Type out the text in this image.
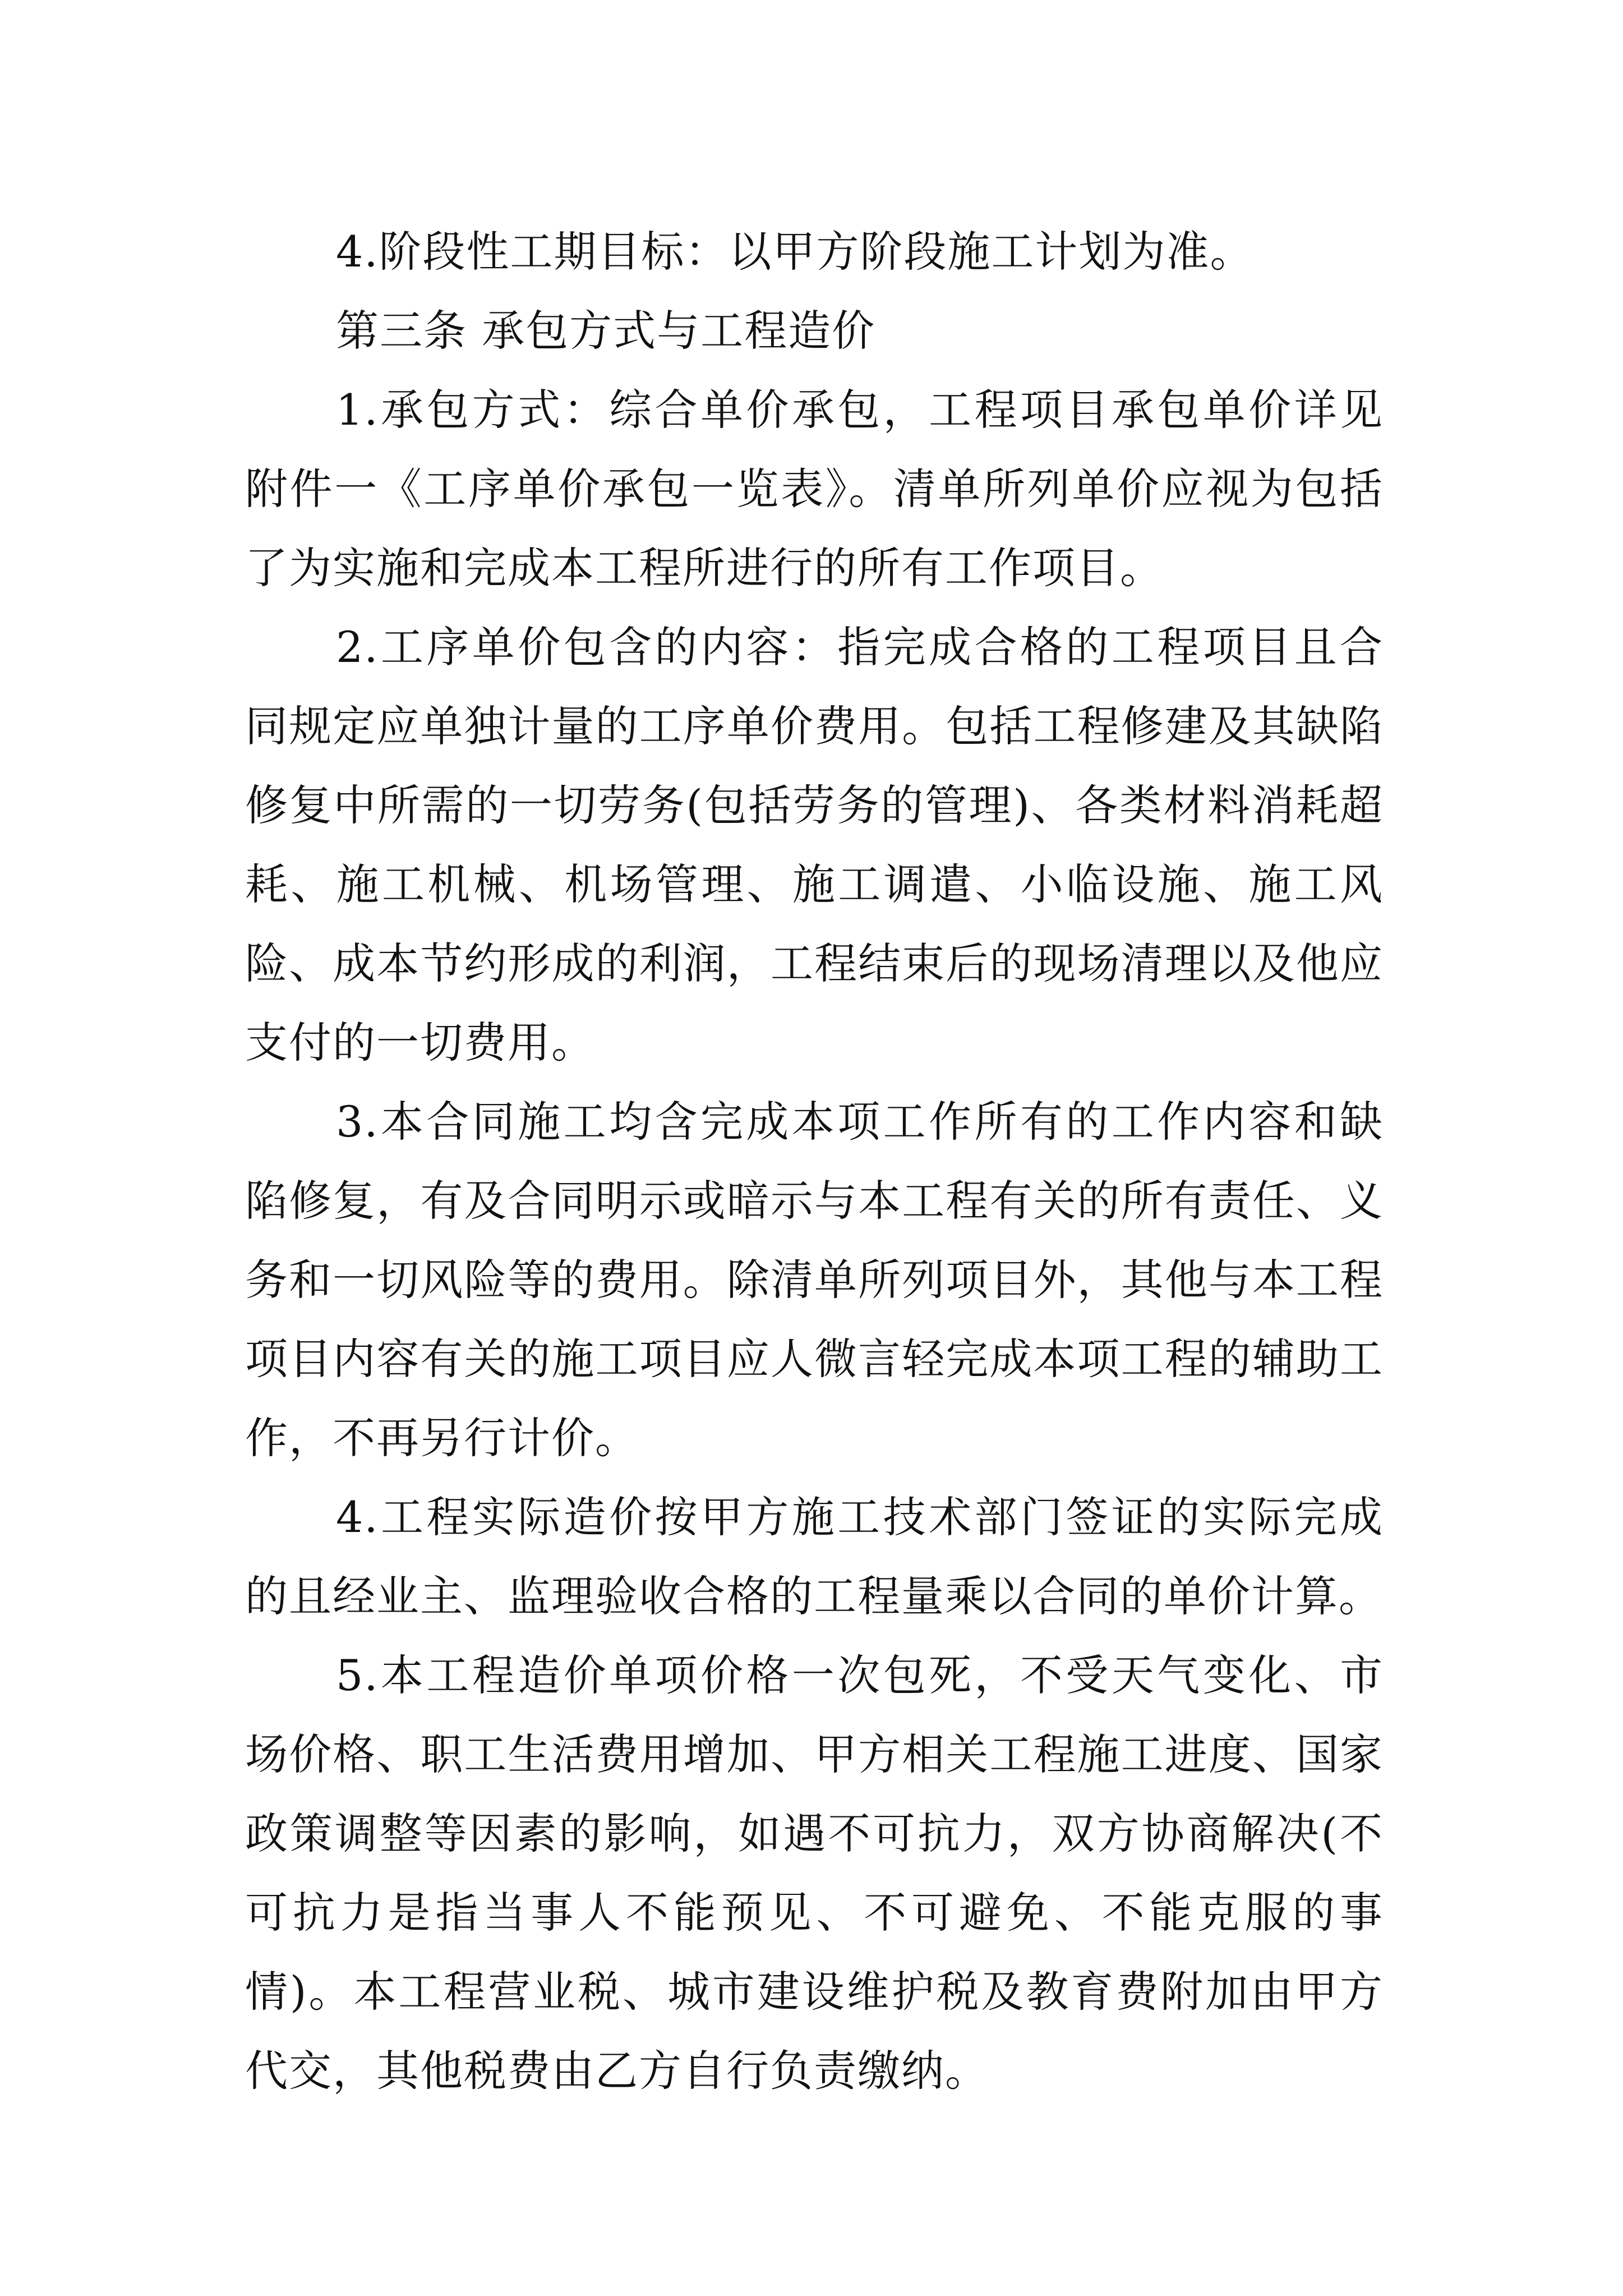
4.阶段性工期目标：以甲方阶段施工计划为准。

第三条 承包方式与工程造价

1.承包方式：综合单价承包，工程项目承包单价详见附件一《工序单价承包一览表》。清单所列单价应视为包括了为实施和完成本工程所进行的所有工作项目。

2.工序单价包含的内容：指完成合格的工程项目且合同规定应单独计量的工序单价费用。包括工程修建及其缺陷修复中所需的一切劳务(包括劳务的管理)、各类材料消耗超耗、施工机械、机场管理、施工调遣、小临设施、施工风险、成本节约形成的利润，工程结束后的现场清理以及他应支付的一切费用。

3.本合同施工均含完成本项工作所有的工作内容和缺陷修复，有及合同明示或暗示与本工程有关的所有责任、义务和一切风险等的费用。除清单所列项目外，其他与本工程项目内容有关的施工项目应人微言轻完成本项工程的辅助工作，不再另行计价。

4.工程实际造价按甲方施工技术部门签证的实际完成的且经业主、监理验收合格的工程量乘以合同的单价计算。

5.本工程造价单项价格一次包死，不受天气变化、市场价格、职工生活费用增加、甲方相关工程施工进度、国家政策调整等因素的影响，如遇不可抗力，双方协商解决(不可抗力是指当事人不能预见、不可避免、不能克服的事情)。本工程营业税、城市建设维护税及教育费附加由甲方代交，其他税费由乙方自行负责缴纳。
